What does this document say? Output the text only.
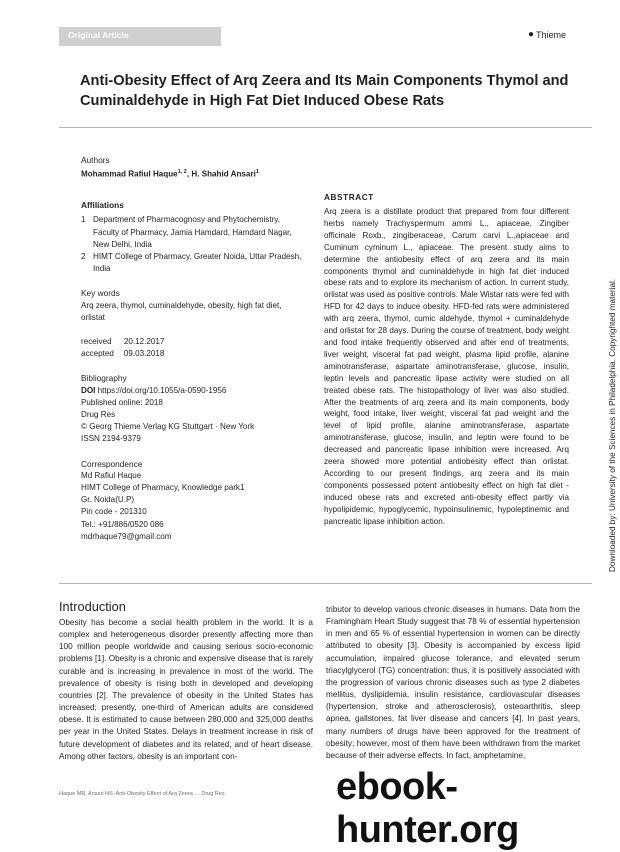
Original Article	● Thieme
Anti-Obesity Effect of Arq Zeera and Its Main Components Thymol and Cuminaldehyde in High Fat Diet Induced Obese Rats
Authors
Mohammad Rafiul Haque$^{1, 2}$, H. Shahid Ansari$^1$
Affiliations
1 Department of Pharmacognosy and Phytochemistry, Faculty of Pharmacy, Jamia Hamdard, Hamdard Nagar, New Delhi, India
2 HIMT College of Pharmacy, Greater Noida, Uttar Pradesh, India
Key words
Arq zeera, thymol, cuminaldehyde, obesity, high fat diet, orlistat
received	20.12.2017
accepted	09.03.2018
Bibliography
DOI https://doi.org/10.1055/a-0590-1956
Published online: 2018
Drug Res
© Georg Thieme Verlag KG Stuttgart · New York
ISSN 2194-9379
Correspondence
Md Rafiul Haque
HIMT College of Pharmacy, Knowledge park1
Gr. Noida(U.P)
Pin code - 201310
Tel.: +91/886/0520 086
mdrhaque79@gmail.com
ABSTRACT
Arq zeera is a distillate product that prepared from four different herbs namely Trachyspermum ammi L., apiaceae, Zingiber officinale Roxb., zingiberaceae, Carum carvi L.,apiaceae and Cuminum cyminum L., apiaceae. The present study aims to determine the antiobesity effect of arq zeera and its main components thymol and cuminaldehyde in high fat diet induced obese rats and to explore its mechanism of action. In current study, orlistat was used as positive controls. Male Wistar rats were fed with HFD for 42 days to induce obesity. HFD-fed rats were administered with arq zeera, thymol, cumic aldehyde, thymol + cuminaldehyde and orlistat for 28 days. During the course of treatment, body weight and food intake frequently observed and after end of treatments, liver weight, visceral fat pad weight, plasma lipid profile, alanine aminotransferase, aspartate aminotransferase, glucose, insulin, leptin levels and pancreatic lipase activity were studied on all treated obese rats. The histopathology of liver was also studied. After the treatments of arq zeera and its main components, body weight, food intake, liver weight, visceral fat pad weight and the level of lipid profile, alanine aminotransferase, aspartate aminotransferase, glucose, insulin, and leptin were found to be decreased and pancreatic lipase inhibition were increased. Arq zeera showed more potential antiobesity effect than orlistat. According to our present findings, arq zeera and its main components possessed potent antiobesity effect on high fat diet -induced obese rats and excreted anti-obesity effect partly via hypolipidemic, hypoglycemic, hypoinsulinemic, hypoleptinemic and pancreatic lipase inhibition action.	Downloaded by: University of the Sciences in Philadelphia. Copyrighted material.
Introduction
Obesity has become a social health problem in the world. It is a complex and heterogeneous disorder presently affecting more than 100 million people worldwide and causing serious socio-economic problems [1]. Obesity is a chronic and expensive disease that is rarely curable and is increasing in prevalence in most of the world. The prevalence of obesity is rising both in developed and developing countries [2]. The prevalence of obesity in the United States has increased; presently, one-third of American adults are considered obese. It is estimated to cause between 280,000 and 325,000 deaths per year in the United States. Delays in treatment increase in risk of future development of diabetes and its related, and of heart disease. Among other factors, obesity is an important con-
tributor to develop various chronic diseases in humans. Data from the Framingham Heart Study suggest that 78 % of essential hypertension in men and 65 % of essential hypertension in women can be directly attributed to obesity [3]. Obesity is accompanied by excess lipid accumulation, impaired glucose tolerance, and elevated serum triacylglycerol (TG) concentration; thus, it is positively associated with the progression of various chronic diseases such as type 2 diabetes mellitus, dyslipidemia, insulin resistance, cardiovascular diseases (hypertension, stroke and atherosclerosis), osteoarthritis, sleep apnea, gallstones, fat liver disease and cancers [4]. In past years, many numbers of drugs have been approved for the treatment of obesity; however, most of them have been withdrawn from the market because of their adverse effects. In fact, amphetamine,
Haque MR, Ansari HS. Anti-Obesity Effect of Arq Zeera … Drug Res	ebook-hunter.org
